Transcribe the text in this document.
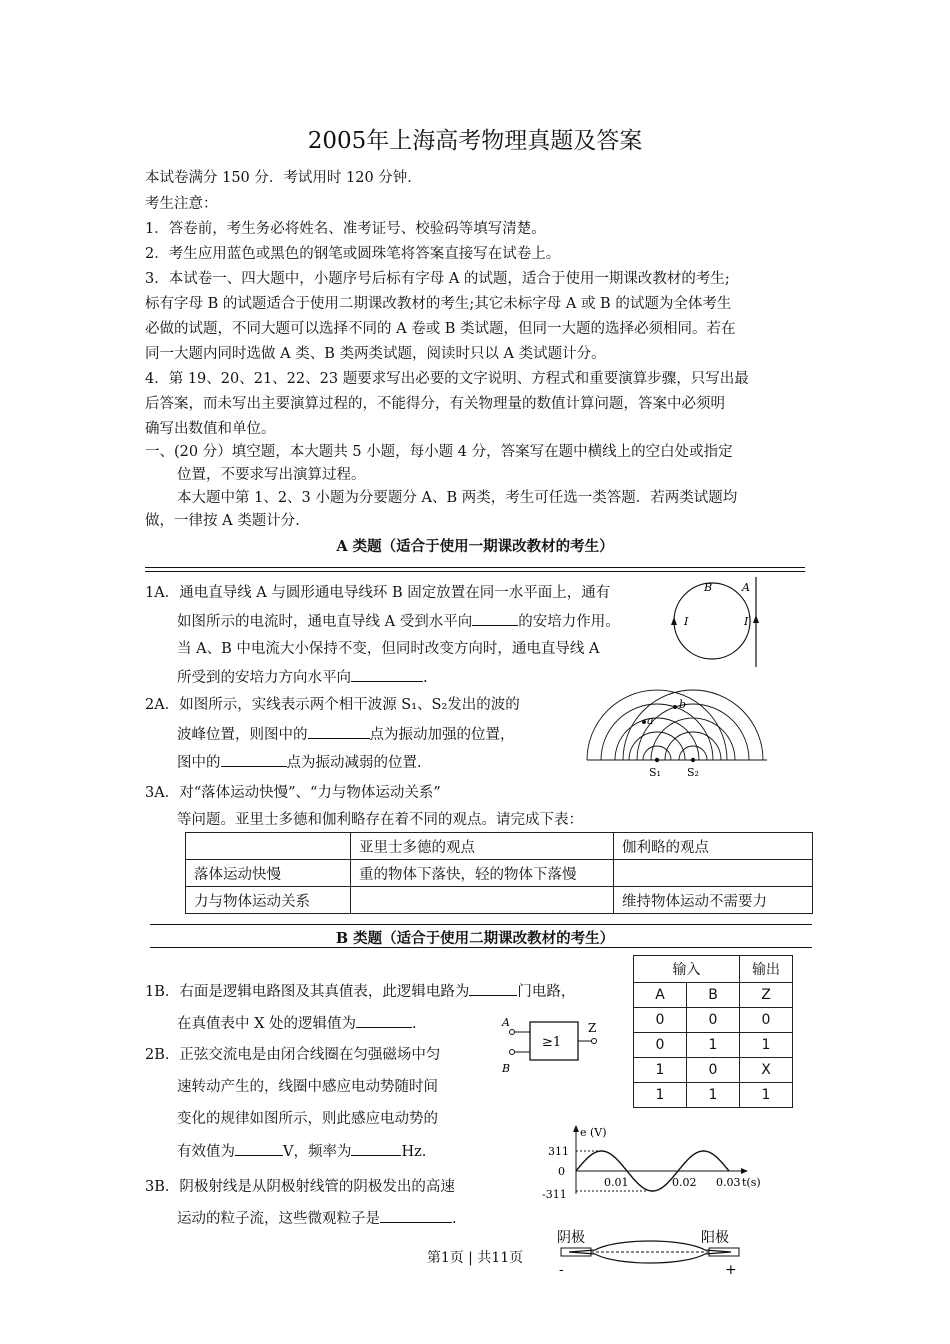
2005年上海高考物理真题及答案
本试卷满分 150 分．考试用时 120 分钟．
考生注意：
1．答卷前，考生务必将姓名、准考证号、校验码等填写清楚。
2．考生应用蓝色或黑色的钢笔或圆珠笔将答案直接写在试卷上。
3．本试卷一、四大题中，小题序号后标有字母 A 的试题，适合于使用一期课改教材的考生;
标有字母 B 的试题适合于使用二期课改教材的考生;其它未标字母 A 或 B 的试题为全体考生
必做的试题，不同大题可以选择不同的 A 卷或 B 类试题，但同一大题的选择必须相同。若在
同一大题内同时选做 A 类、B 类两类试题，阅读时只以 A 类试题计分。
4．第 19、20、21、22、23 题要求写出必要的文字说明、方程式和重要演算步骤，只写出最
后答案，而未写出主要演算过程的，不能得分，有关物理量的数值计算问题，答案中必须明
确写出数值和单位。
一、(20 分）填空题，本大题共 5 小题，每小题 4 分，答案写在题中横线上的空白处或指定
位置，不要求写出演算过程。
本大题中第 1、2、3 小题为分要题分 A、B 两类，考生可任选一类答题．若两类试题均
做，一律按 A 类题计分.
A 类题（适合于使用一期课改教材的考生）
1A．通电直导线 A 与圆形通电导线环 B 固定放置在同一水平面上，通有
如图所示的电流时，通电直导线 A 受到水平向	的安培力作用。
当 A、B 中电流大小保持不变，但同时改变方向时，通电直导线 A
所受到的安培力方向水平向	.
B	A
I	I
2A．如图所示，实线表示两个相干波源 S₁、S₂发出的波的
波峰位置，则图中的	点为振动加强的位置，
图中的	点为振动减弱的位置.
a
b
S₁ S₂
3A．对“落体运动快慢”、“力与物体运动关系”
等问题。亚里士多德和伽利略存在着不同的观点。请完成下表：
	亚里士多德的观点	伽利略的观点
落体运动快慢	重的物体下落快，轻的物体下落慢	
力与物体运动关系		维持物体运动不需要力
B 类题（适合于使用二期课改教材的考生）
1B．右面是逻辑电路图及其真值表，此逻辑电路为	门电路，
在真值表中 X 处的逻辑值为	.
≥1
A
B
Z
输入		输出
A	B	Z
0	0	0
0	1	1
1	0	X
1	1	1
2B．正弦交流电是由闭合线圈在匀强磁场中匀
速转动产生的，线圈中感应电动势随时间
变化的规律如图所示，则此感应电动势的
有效值为	V，频率为	Hz.
e (V)
t(s)
311
0
-311
0.01	0.02 0.03
3B．阴极射线是从阴极射线管的阴极发出的高速
运动的粒子流，这些微观粒子是	.
阴极	阳极
-	+
第1页 | 共11页
